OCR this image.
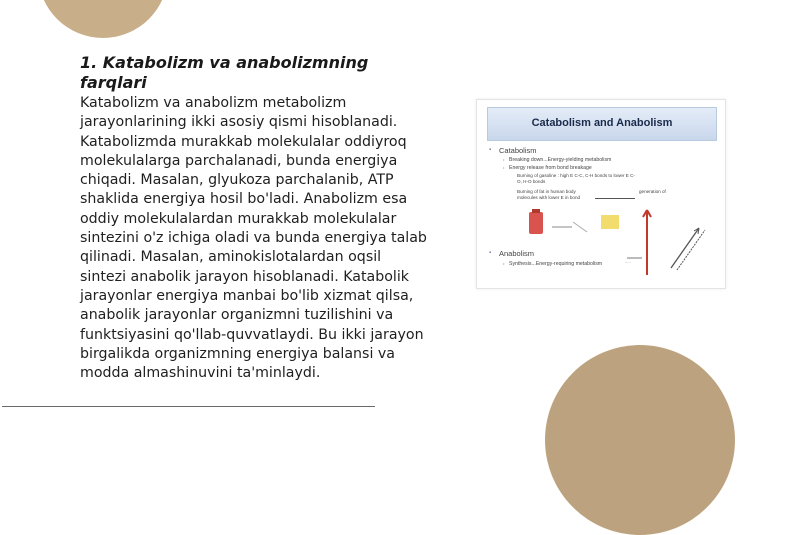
1. Katabolizm va anabolizmning farqlari
Katabolizm va anabolizm metabolizm jarayonlarining ikki asosiy qismi hisoblanadi. Katabolizmda murakkab molekulalar oddiyroq molekulalarga parchalanadi, bunda energiya chiqadi. Masalan, glyukoza parchalanib, ATP shaklida energiya hosil bo'ladi. Anabolizm esa oddiy molekulalardan murakkab molekulalar sintezini o'z ichiga oladi va bunda energiya talab qilinadi. Masalan, aminokislotalardan oqsil sintezi anabolik jarayon hisoblanadi. Katabolik jarayonlar energiya manbai bo'lib xizmat qilsa, anabolik jarayonlar organizmni tuzilishini va funktsiyasini qo'llab-quvvatlaydi. Bu ikki jarayon birgalikda organizmning energiya balansi va modda almashinuvini ta'minlaydi.
Catabolism and Anabolism
▪ Catabolism
• Breaking down...Energy-yielding metabolism
• Energy release from bond breakage
Burning of gasoline : high E C-C, C-H bonds to lower E C-
O, H-O bonds
Burning of fat in human body	generation of
molecules with lower E in bond
·····
▪ Anabolism
• Synthesis...Energy-requiring metabolism
